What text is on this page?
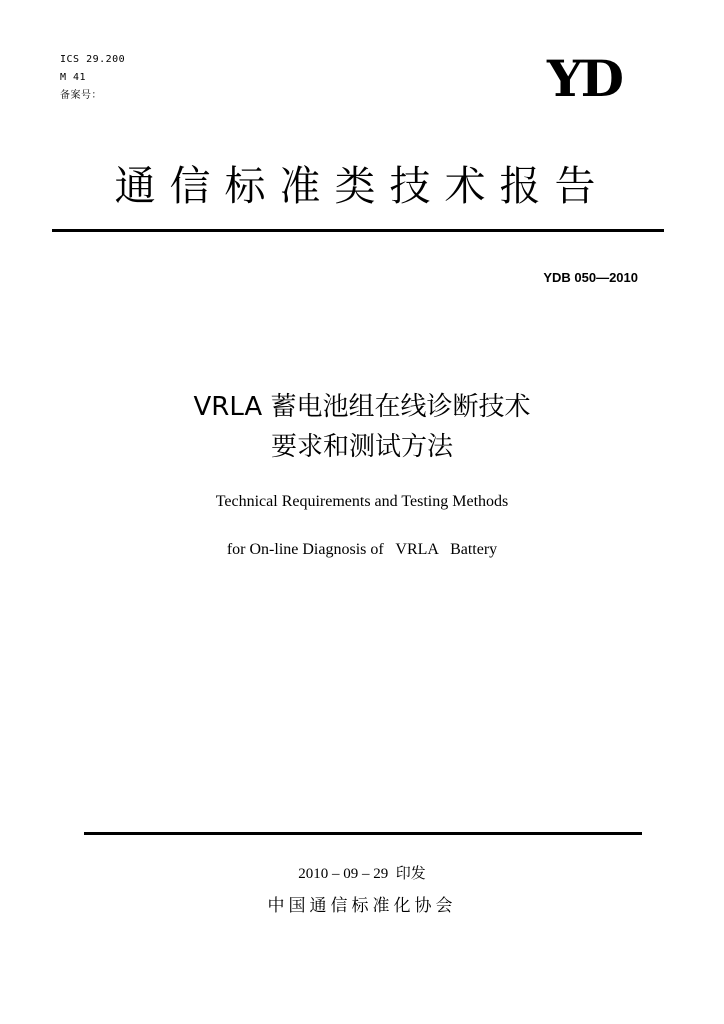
ICS 29.200
M 41
备案号：	YD
通信标准类技术报告
YDB 050—2010
VRLA 蓄电池组在线诊断技术
要求和测试方法
Technical Requirements and Testing Methods
for On-line Diagnosis of   VRLA   Battery
2010 – 09 – 29  印发
中国通信标准化协会
